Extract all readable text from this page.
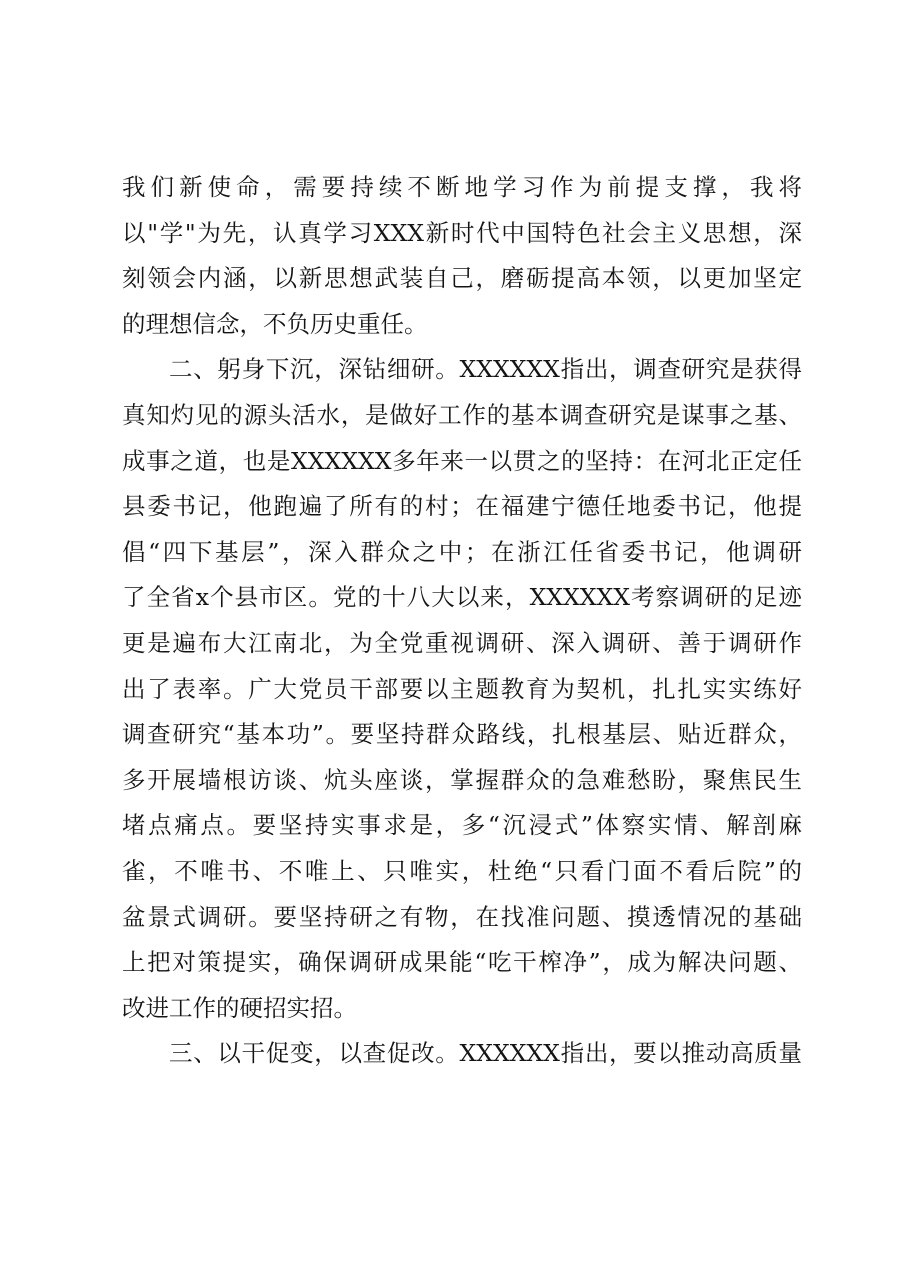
我们新使命，需要持续不断地学习作为前提支撑，我将
以"学"为先，认真学习XXX新时代中国特色社会主义思想，深
刻领会内涵，以新思想武装自己，磨砺提高本领，以更加坚定
的理想信念，不负历史重任。
二、躬身下沉，深钻细研。XXXXXX指出，调查研究是获得
真知灼见的源头活水，是做好工作的基本调查研究是谋事之基、
成事之道，也是XXXXXX多年来一以贯之的坚持：在河北正定任
县委书记，他跑遍了所有的村；在福建宁德任地委书记，他提
倡“四下基层”，深入群众之中；在浙江任省委书记，他调研
了全省x个县市区。党的十八大以来，XXXXXX考察调研的足迹
更是遍布大江南北，为全党重视调研、深入调研、善于调研作
出了表率。广大党员干部要以主题教育为契机，扎扎实实练好
调查研究“基本功”。要坚持群众路线，扎根基层、贴近群众，
多开展墙根访谈、炕头座谈，掌握群众的急难愁盼，聚焦民生
堵点痛点。要坚持实事求是，多“沉浸式”体察实情、解剖麻
雀，不唯书、不唯上、只唯实，杜绝“只看门面不看后院”的
盆景式调研。要坚持研之有物，在找准问题、摸透情况的基础
上把对策提实，确保调研成果能“吃干榨净”，成为解决问题、
改进工作的硬招实招。
三、以干促变，以查促改。XXXXXX指出，要以推动高质量
